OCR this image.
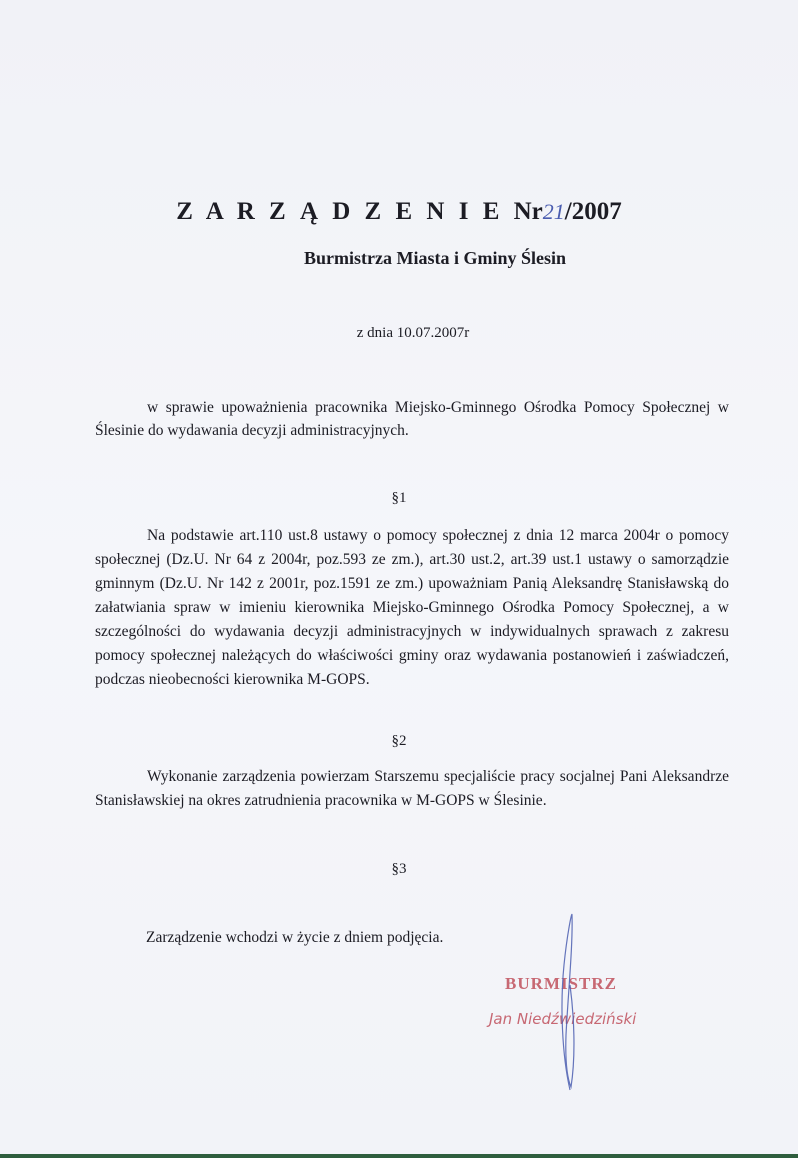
Z A R Z Ą D Z E N I E Nr21/2007
Burmistrza Miasta i Gminy Ślesin
z dnia 10.07.2007r
w sprawie upoważnienia pracownika Miejsko-Gminnego Ośrodka Pomocy Społecznej w Ślesinie do wydawania decyzji administracyjnych.
§1
Na podstawie art.110 ust.8 ustawy o pomocy społecznej z dnia 12 marca 2004r o pomocy społecznej (Dz.U. Nr 64 z 2004r, poz.593 ze zm.), art.30 ust.2, art.39 ust.1 ustawy o samorządzie gminnym (Dz.U. Nr 142 z 2001r, poz.1591 ze zm.) upoważniam Panią Aleksandrę Stanisławską do załatwiania spraw w imieniu kierownika Miejsko-Gminnego Ośrodka Pomocy Społecznej, a w szczególności do wydawania decyzji administracyjnych w indywidualnych sprawach z zakresu pomocy społecznej należących do właściwości gminy oraz wydawania postanowień i zaświadczeń, podczas nieobecności kierownika M-GOPS.
§2
Wykonanie zarządzenia powierzam Starszemu specjaliście pracy socjalnej Pani Aleksandrze Stanisławskiej na okres zatrudnienia pracownika w M-GOPS w Ślesinie.
§3
Zarządzenie wchodzi w życie z dniem podjęcia.
BURMISTRZ
Jan Niedźwiedziński
